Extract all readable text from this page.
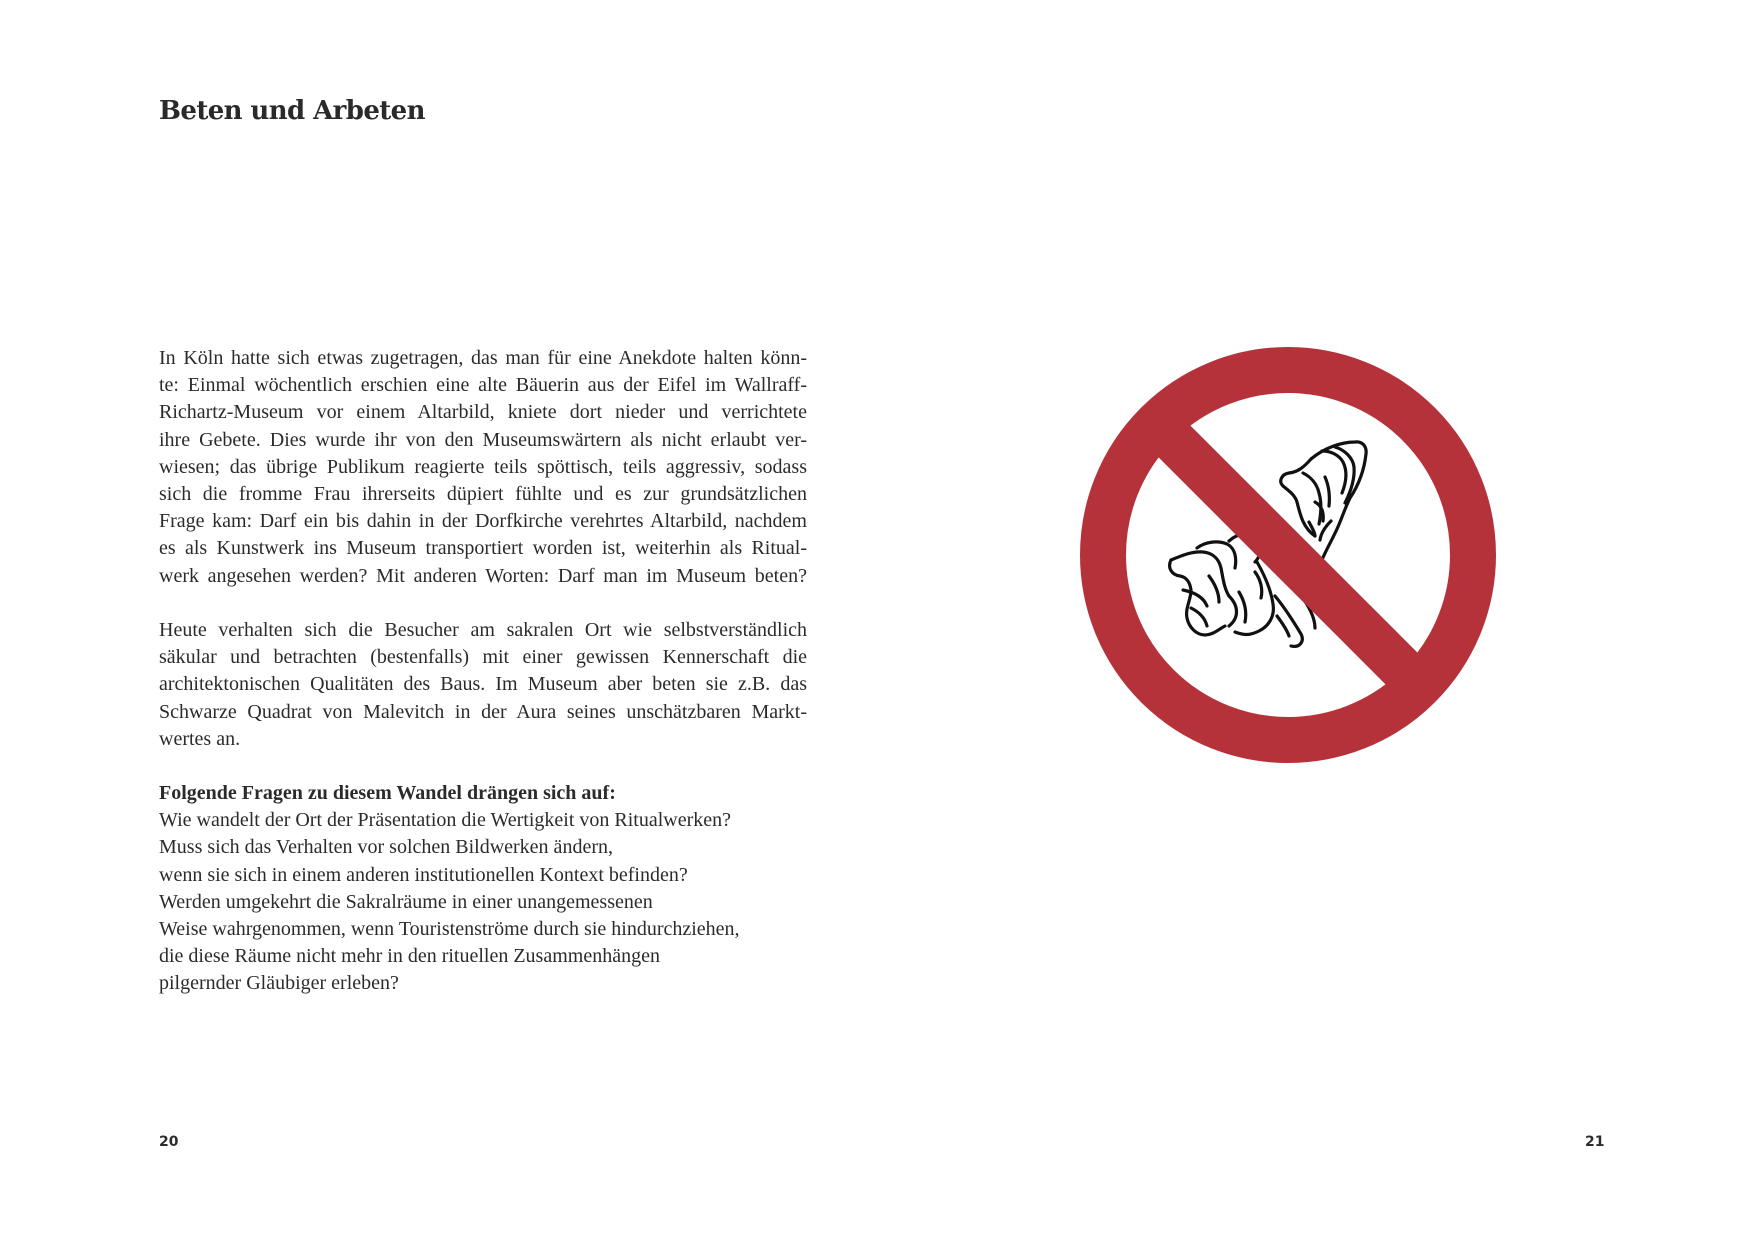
Beten und Arbeten
In Köln hatte sich etwas zugetragen, das man für eine Anekdote halten könn-
te: Einmal wöchentlich erschien eine alte Bäuerin aus der Eifel im Wallraff-
Richartz-Museum vor einem Altarbild, kniete dort nieder und verrichtete
ihre Gebete. Dies wurde ihr von den Museumswärtern als nicht erlaubt ver-
wiesen; das übrige Publikum reagierte teils spöttisch, teils aggressiv, sodass
sich die fromme Frau ihrerseits düpiert fühlte und es zur grundsätzlichen
Frage kam: Darf ein bis dahin in der Dorfkirche verehrtes Altarbild, nachdem
es als Kunstwerk ins Museum transportiert worden ist, weiterhin als Ritual-
werk angesehen werden? Mit anderen Worten: Darf man im Museum beten?
Heute verhalten sich die Besucher am sakralen Ort wie selbstverständlich
säkular und betrachten (bestenfalls) mit einer gewissen Kennerschaft die
architektonischen Qualitäten des Baus. Im Museum aber beten sie z.B. das
Schwarze Quadrat von Malevitch in der Aura seines unschätzbaren Markt-
wertes an.
Folgende Fragen zu diesem Wandel drängen sich auf:
Wie wandelt der Ort der Präsentation die Wertigkeit von Ritualwerken?
Muss sich das Verhalten vor solchen Bildwerken ändern,
wenn sie sich in einem anderen institutionellen Kontext befinden?
Werden umgekehrt die Sakralräume in einer unangemessenen
Weise wahrgenommen, wenn Touristenströme durch sie hindurchziehen,
die diese Räume nicht mehr in den rituellen Zusammenhängen
pilgernder Gläubiger erleben?
20	21
